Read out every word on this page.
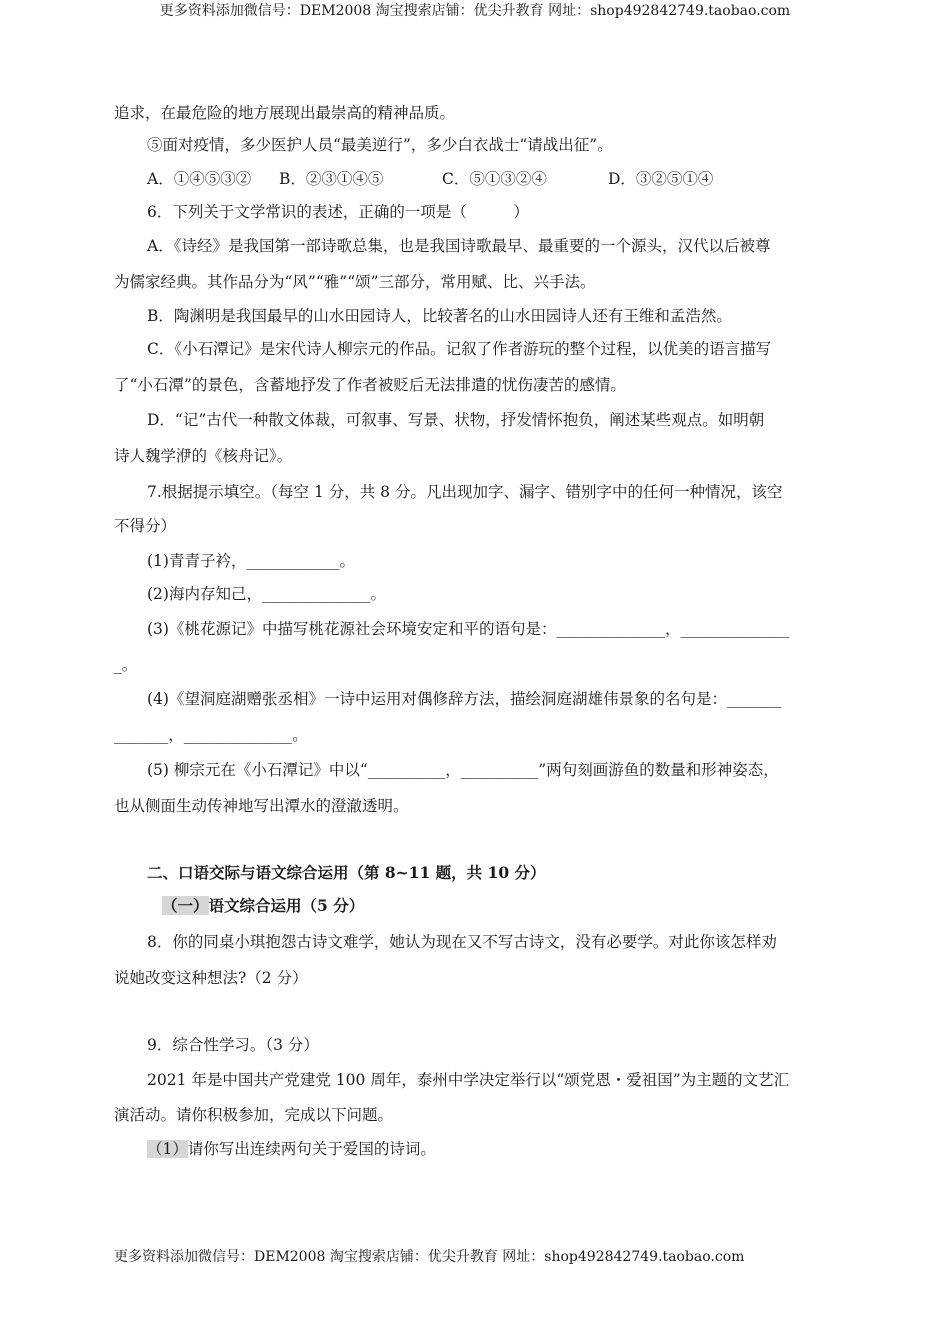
更多资料添加微信号：DEM2008 淘宝搜索店铺：优尖升教育 网址：shop492842749.taobao.com
追求，在最危险的地方展现出最崇高的精神品质。
⑤面对疫情，多少医护人员“最美逆行”，多少白衣战士“请战出征”。
A．①④⑤③② B．②③①④⑤	C．⑤①③②④	D．③②⑤①④
6．下列关于文学常识的表述，正确的一项是（　　　）
A．《诗经》是我国第一部诗歌总集，也是我国诗歌最早、最重要的一个源头，汉代以后被尊
为儒家经典。其作品分为“风”“雅”“颂”三部分，常用赋、比、兴手法。
B．陶渊明是我国最早的山水田园诗人，比较著名的山水田园诗人还有王维和孟浩然。
C．《小石潭记》是宋代诗人柳宗元的作品。记叙了作者游玩的整个过程，以优美的语言描写
了“小石潭”的景色，含蓄地抒发了作者被贬后无法排遣的忧伤凄苦的感情。
D．“记”古代一种散文体裁，可叙事、写景、状物，抒发情怀抱负，阐述某些观点。如明朝
诗人魏学洢的《核舟记》。
7.根据提示填空。（每空 1 分，共 8 分。凡出现加字、漏字、错别字中的任何一种情况，该空
不得分）
(1)青青子衿，____________。
(2)海内存知己，______________。
(3)《桃花源记》中描写桃花源社会环境安定和平的语句是：______________，______________
_。
(4)《望洞庭湖赠张丞相》一诗中运用对偶修辞方法，描绘洞庭湖雄伟景象的名句是：_______
_______，______________。
(5) 柳宗元在《小石潭记》中以“__________，__________”两句刻画游鱼的数量和形神姿态，
也从侧面生动传神地写出潭水的澄澈透明。
二、口语交际与语文综合运用（第 8~11 题，共 10 分）
（一）语文综合运用（5 分）
8．你的同桌小琪抱怨古诗文难学，她认为现在又不写古诗文，没有必要学。对此你该怎样劝
说她改变这种想法?（2 分）
9．综合性学习。（3 分）
2021 年是中国共产党建党 100 周年，泰州中学决定举行以“颂党恩・爱祖国”为主题的文艺汇
演活动。请你积极参加，完成以下问题。
（1）请你写出连续两句关于爱国的诗词。
更多资料添加微信号：DEM2008 淘宝搜索店铺：优尖升教育 网址：shop492842749.taobao.com
